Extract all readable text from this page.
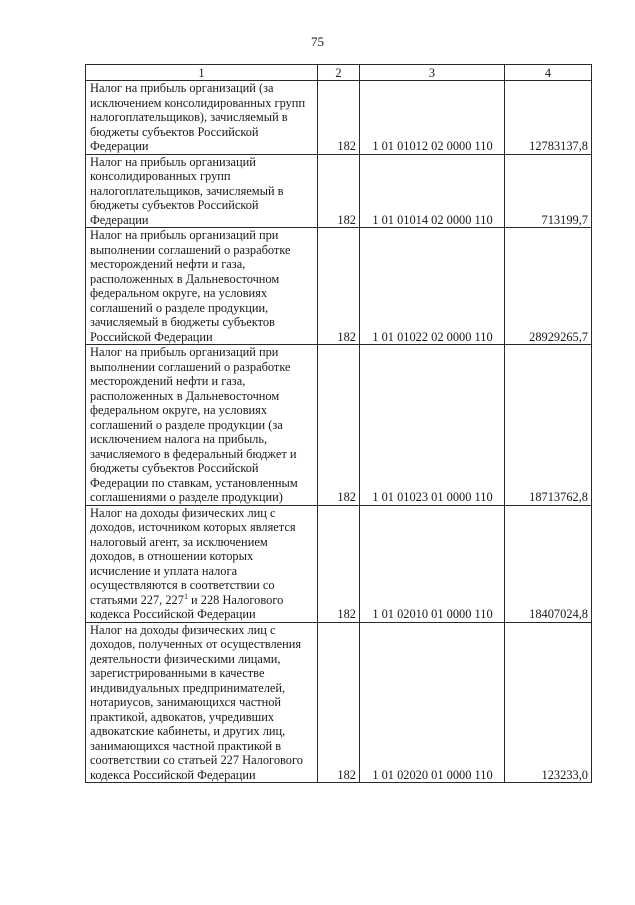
75
1	2	3	4
Налог на прибыль организаций (за исключением консолидированных групп налогоплательщиков), зачисляемый в бюджеты субъектов Российской Федерации	182	1 01 01012 02 0000 110	12783137,8
Налог на прибыль организаций консолидированных групп налогоплательщиков, зачисляемый в бюджеты субъектов Российской Федерации	182	1 01 01014 02 0000 110	713199,7
Налог на прибыль организаций при выполнении соглашений о разработке месторождений нефти и газа, расположенных в Дальневосточном федеральном округе, на условиях соглашений о разделе продукции, зачисляемый в бюджеты субъектов Российской Федерации	182	1 01 01022 02 0000 110	28929265,7
Налог на прибыль организаций при выполнении соглашений о разработке месторождений нефти и газа, расположенных в Дальневосточном федеральном округе, на условиях соглашений о разделе продукции (за исключением налога на прибыль, зачисляемого в федеральный бюджет и бюджеты субъектов Российской Федерации по ставкам, установленным соглашениями о разделе продукции)	182	1 01 01023 01 0000 110	18713762,8
Налог на доходы физических лиц с доходов, источником которых является налоговый агент, за исключением доходов, в отношении которых исчисление и уплата налога осуществляются в соответствии со статьями 227, $227^1$ и 228 Налогового кодекса Российской Федерации	182	1 01 02010 01 0000 110	18407024,8
Налог на доходы физических лиц с доходов, полученных от осуществления деятельности физическими лицами, зарегистрированными в качестве индивидуальных предпринимателей, нотариусов, занимающихся частной практикой, адвокатов, учредивших адвокатские кабинеты, и других лиц, занимающихся частной практикой в соответствии со статьей 227 Налогового кодекса Российской Федерации	182	1 01 02020 01 0000 110	123233,0
